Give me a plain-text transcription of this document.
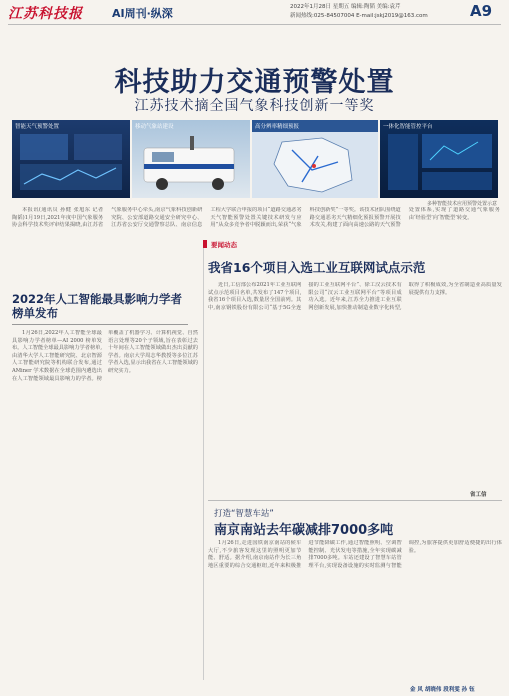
江苏科技报	AI周刊·纵深	2022年1月28日 星期五 编辑:陶韬 美编:袁芹
新闻热线:025-84507004 E-mail:jskj2019@163.com	A9
科技助力交通预警处置
江苏技术摘全国气象科技创新一等奖
智能天气预警处置	移动气象站建设	高分辨率精细预报	一体化智能管控平台
多种智能技术应用预警处置示意

本报讯(通讯员 孙健 张旭东 记者 陶韬)1月19日,2021年度中国气象服务协会科学技术奖评审结果揭晓,由江苏省气象服务中心牵头,南京气象科技创新研究院、公安部道路交通安全研究中心、江苏省公安厅交通警察总队、南京信息工程大学联合申报的项目“道路交通恶劣天气智能预警处置关键技术研发与应用”从众多竞争者中脱颖而出,荣获“气象科技创新奖”一等奖。该技术团队围绕道路交通恶劣天气精细化预报预警开展技术攻关,构建了面向高速公路的天气预警处置体系,实现了道路交通气象服务由‘经验型’向‘智能型’转变。

2022年人工智能最具影响力学者榜单发布

1月26日,2022年人工智能全球最具影响力学者榜单—AI 2000 榜单发布。人工智能全球最具影响力学者榜单,由清华大学人工智能研究院、北京智源人工智能研究院等机构联合发布,通过 AMiner 学术数据在全球范围内遴选出在人工智能领域最具影响力的学者。榜单覆盖了机器学习、计算机视觉、自然语言处理等20个子领域,旨在表彰过去十年间在人工智能领域做出杰出贡献的学者。南京大学周志华教授等多位江苏学者入选,显示出我省在人工智能领域的研究实力。

要闻动态
我省16个项目入选工业互联网试点示范

近日,工信部公布2021年工业互联网试点示范项目名单,共发布了147个项目,我省16个项目入选,数量居全国前列。其中,南京钢铁股份有限公司“基于5G全连接的工业互联网平台”、徐工汉云技术有限公司“汉云工业互联网平台”等项目成功入选。近年来,江苏全力推进工业互联网创新发展,加快推动制造业数字化转型,取得了积极成效,为全省制造业高质量发展提供有力支撑。

省工信
打造“智慧车站”
南京南站去年碳减排7000多吨

1月26日,走进国铁南京南站的候车大厅,不少旅客发现这里的照明更加节能、舒适。据介绍,南京南站作为长三角地区重要的综合交通枢纽,近年来积极推进节能降碳工作,通过智能照明、空调智能控制、光伏发电等措施,全年实现碳减排7000多吨。车站还建设了智慧车站管理平台,实现设备设施的实时监测与智能调控,为旅客提供更加舒适便捷的出行体验。

金 风 胡晓伟 段利雯 孙 钰
